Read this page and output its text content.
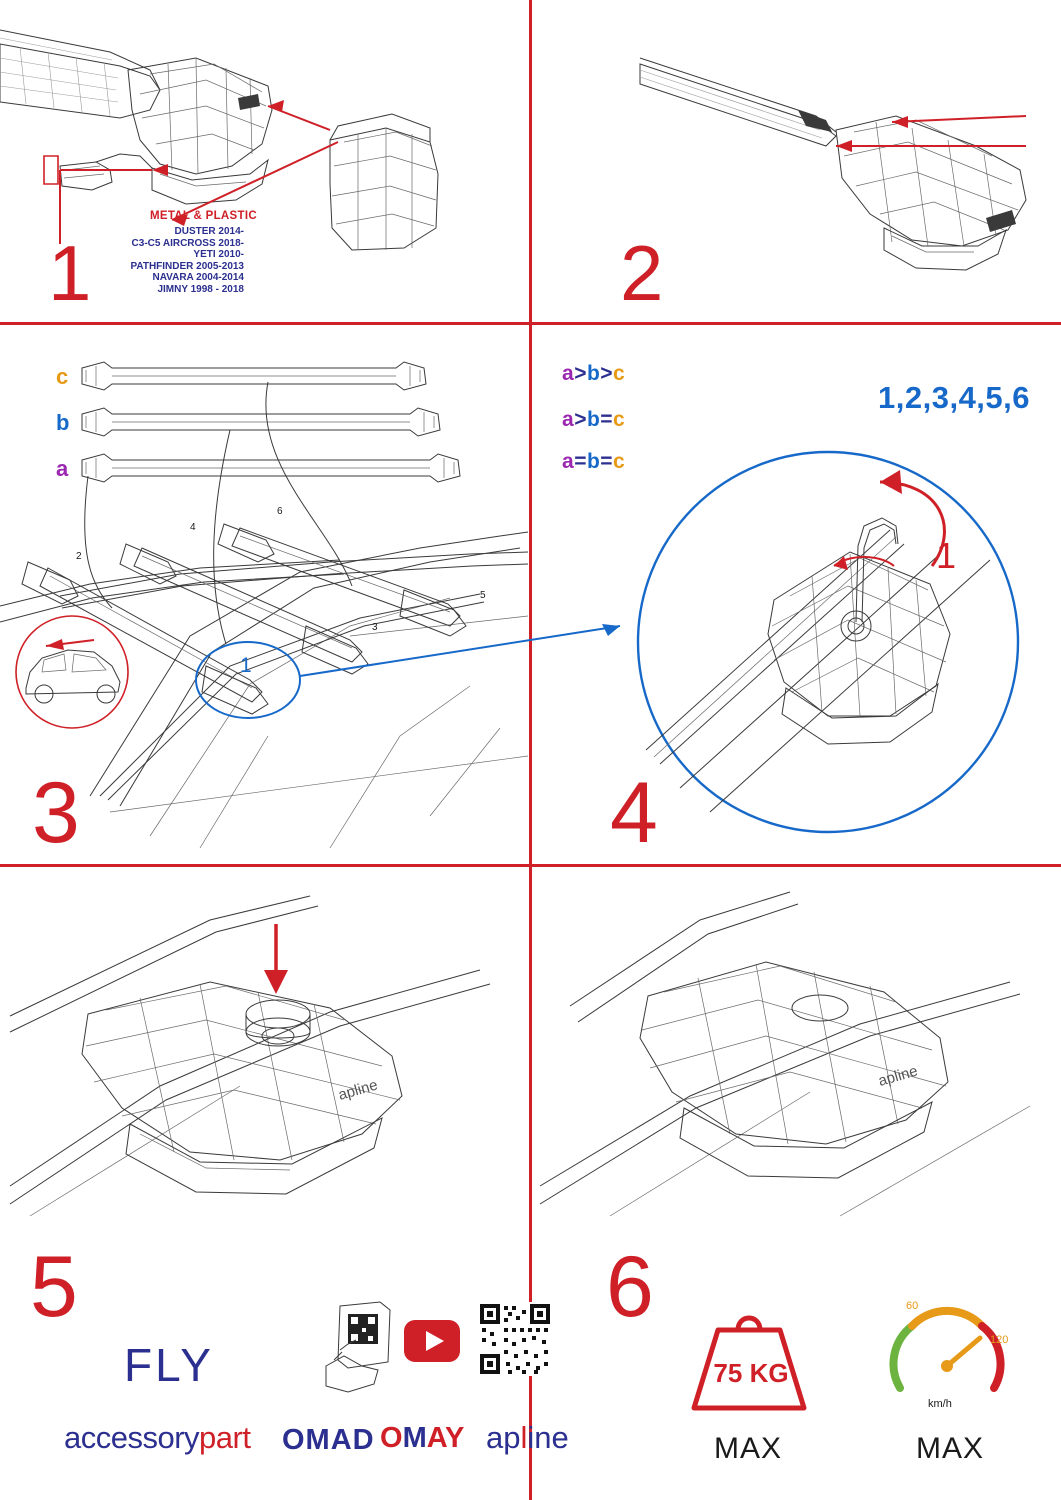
METAL & PLASTIC
DUSTER 2014-
C3-C5 AIRCROSS 2018-
YETI 2010-
PATHFINDER 2005-2013
NAVARA 2004-2014
JIMNY 1998 - 2018
1	2
c
b
a
a>b>c
a>b=c
a=b=c
2
4
6
3
5
1
3
1,2,3,4,5,6
1
4
apline
5
apline
6
FLY
accessorypart OMAD OMAY apline
75 KG
MAX
60
120
km/h
MAX
